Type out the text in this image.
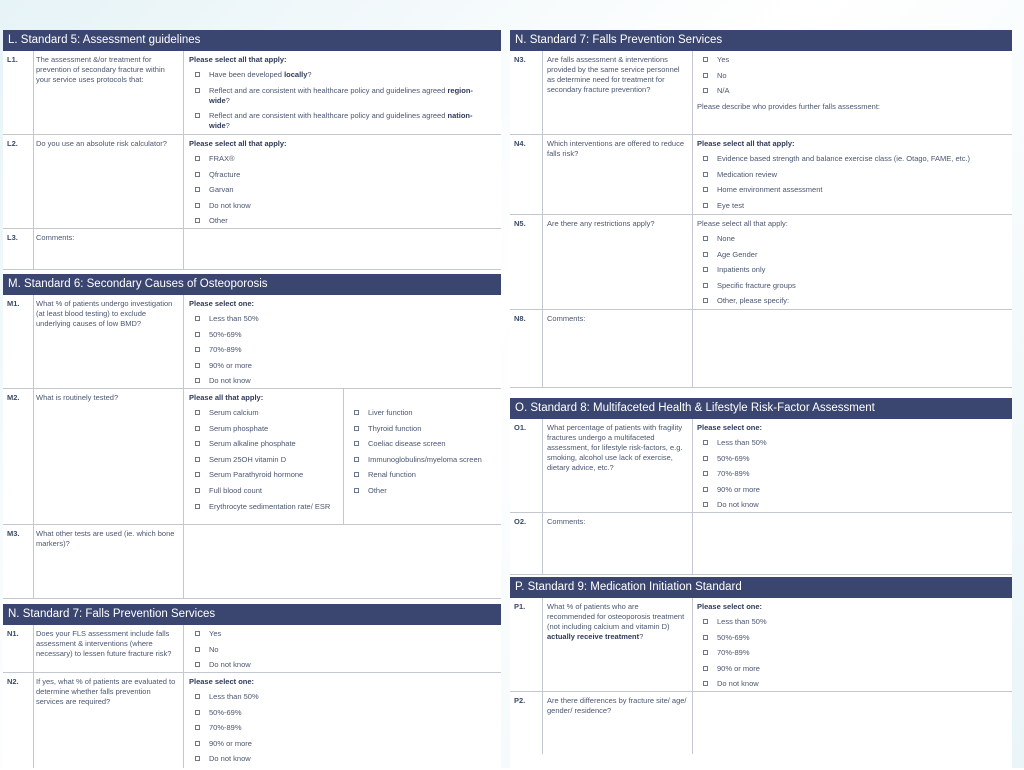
L. Standard 5: Assessment guidelines
L1. The assessment &/or treatment for prevention of secondary fracture within your service uses protocols that:
Please select all that apply:
Have been developed locally?
Reflect and are consistent with healthcare policy and guidelines agreed region-wide?
Reflect and are consistent with healthcare policy and guidelines agreed nation-wide?
L2. Do you use an absolute risk calculator?	Please select all that apply:
FRAX®
Qfracture
Garvan
Do not know
Other
L3. Comments:
M. Standard 6: Secondary Causes of Osteoporosis
M1. What % of patients undergo investigation (at least blood testing) to exclude underlying causes of low BMD?
Please select one:
Less than 50%
50%-69%
70%-89%
90% or more
Do not know
M2. What is routinely tested?	Please all that apply:
Serum calcium
Serum phosphate
Serum alkaline phosphate
Serum 25OH vitamin D
Serum Parathyroid hormone
Full blood count
Erythrocyte sedimentation rate/ ESR
Liver function
Thyroid function
Coeliac disease screen
Immunoglobulins/myeloma screen
Renal function
Other
M3. What other tests are used (ie. which bone markers)?
N. Standard 7: Falls Prevention Services
N1. Does your FLS assessment include falls assessment & interventions (where necessary) to lessen future fracture risk?
Yes
No
Do not know
N2. If yes, what % of patients are evaluated to determine whether falls prevention services are required?
Please select one:
Less than 50%
50%-69%
70%-89%
90% or more
Do not know
N. Standard 7: Falls Prevention Services
N3.	Are falls assessment & interventions provided by the same service personnel as determine need for treatment for secondary fracture prevention?
Yes
No
N/A
Please describe who provides further falls assessment:
N4.	Which interventions are offered to reduce falls risk?
Please select all that apply:
Evidence based strength and balance exercise class (ie. Otago, FAME, etc.)
Medication review
Home environment assessment
Eye test
N5.	Are there any restrictions apply?	Please select all that apply:
None
Age Gender
Inpatients only
Specific fracture groups
Other, please specify:
N8.	Comments:
O. Standard 8: Multifaceted Health & Lifestyle Risk-Factor Assessment
O1.	What percentage of patients with fragility fractures undergo a multifaceted assessment, for lifestyle risk-factors, e.g. smoking, alcohol use lack of exercise, dietary advice, etc.?
Please select one:
Less than 50%
50%-69%
70%-89%
90% or more
Do not know
O2.	Comments:
P. Standard 9: Medication Initiation Standard
P1.	What % of patients who are recommended for osteoporosis treatment (not including calcium and vitamin D) actually receive treatment?
Please select one:
Less than 50%
50%-69%
70%-89%
90% or more
Do not know
P2.	Are there differences by fracture site/ age/ gender/ residence?
